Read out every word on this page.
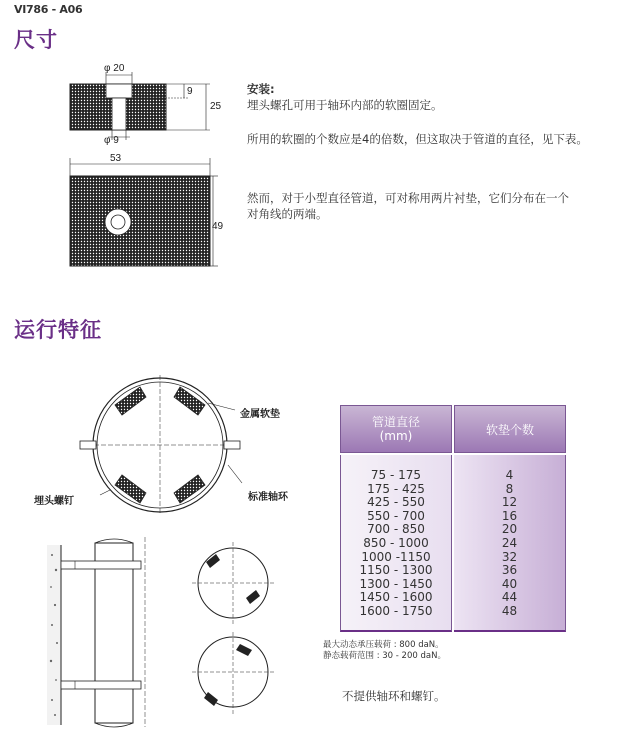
VI786 - A06
尺寸
φ 20
9
25
φ 9
53
49
安装:
埋头螺孔可用于轴环内部的软圈固定。
所用的软圈的个数应是4的倍数，但这取决于管道的直径，见下表。
然而，对于小型直径管道，可对称用两片衬垫，它们分布在一个
对角线的两端。
运行特征
金属软垫
埋头螺钉	标准轴环
管道直径
(mm)	软垫个数
75 - 175
175 - 425
425 - 550
550 - 700
700 - 850
850 - 1000
1000 -1150
1150 - 1300
1300 - 1450
1450 - 1600
1600 - 1750
4
8
12
16
20
24
32
36
40
44
48
最大动态承压载荷 : 800 daN。
静态载荷范围 : 30 - 200 daN。
不提供轴环和螺钉。
